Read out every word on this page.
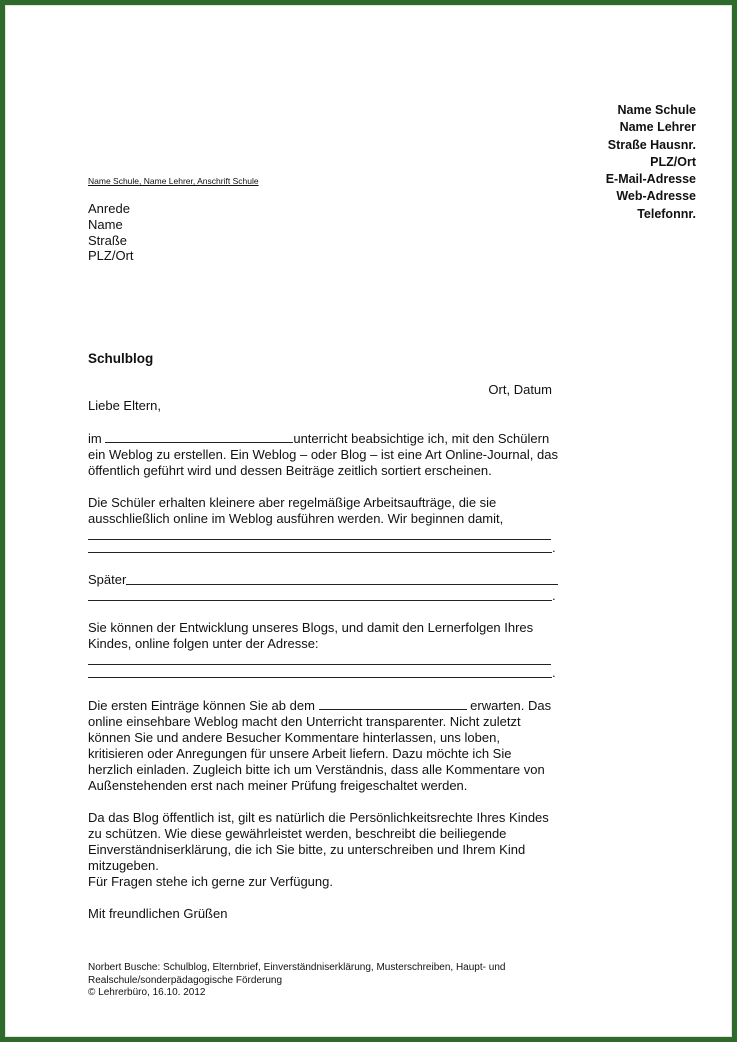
Name Schule
Name Lehrer
Straße Hausnr.
PLZ/Ort
E-Mail-Adresse
Web-Adresse
Telefonnr.
Name Schule, Name Lehrer, Anschrift Schule
Anrede
Name
Straße
PLZ/Ort
Schulblog
Ort, Datum

Liebe Eltern,

im	unterricht beabsichtige ich, mit den Schülern ein Weblog zu erstellen. Ein Weblog – oder Blog – ist eine Art Online-Journal, das öffentlich geführt wird und dessen Beiträge zeitlich sortiert erscheinen.

Die Schüler erhalten kleinere aber regelmäßige Arbeitsaufträge, die sie ausschließlich online im Weblog ausführen werden. Wir beginnen damit,

.
Später
.

Sie können der Entwicklung unseres Blogs, und damit den Lernerfolgen Ihres Kindes, online folgen unter der Adresse:

.

Die ersten Einträge können Sie ab dem	erwarten. Das online einsehbare Weblog macht den Unterricht transparenter. Nicht zuletzt können Sie und andere Besucher Kommentare hinterlassen, uns loben, kritisieren oder Anregungen für unsere Arbeit liefern. Dazu möchte ich Sie herzlich einladen. Zugleich bitte ich um Verständnis, dass alle Kommentare von Außenstehenden erst nach meiner Prüfung freigeschaltet werden.

Da das Blog öffentlich ist, gilt es natürlich die Persönlichkeitsrechte Ihres Kindes zu schützen. Wie diese gewährleistet werden, beschreibt die beiliegende Einverständniserklärung, die ich Sie bitte, zu unterschreiben und Ihrem Kind mitzugeben.

Für Fragen stehe ich gerne zur Verfügung.

Mit freundlichen Grüßen

Norbert Busche: Schulblog, Elternbrief, Einverständniserklärung, Musterschreiben, Haupt- und Realschule/sonderpädagogische Förderung
© Lehrerbüro, 16.10. 2012
